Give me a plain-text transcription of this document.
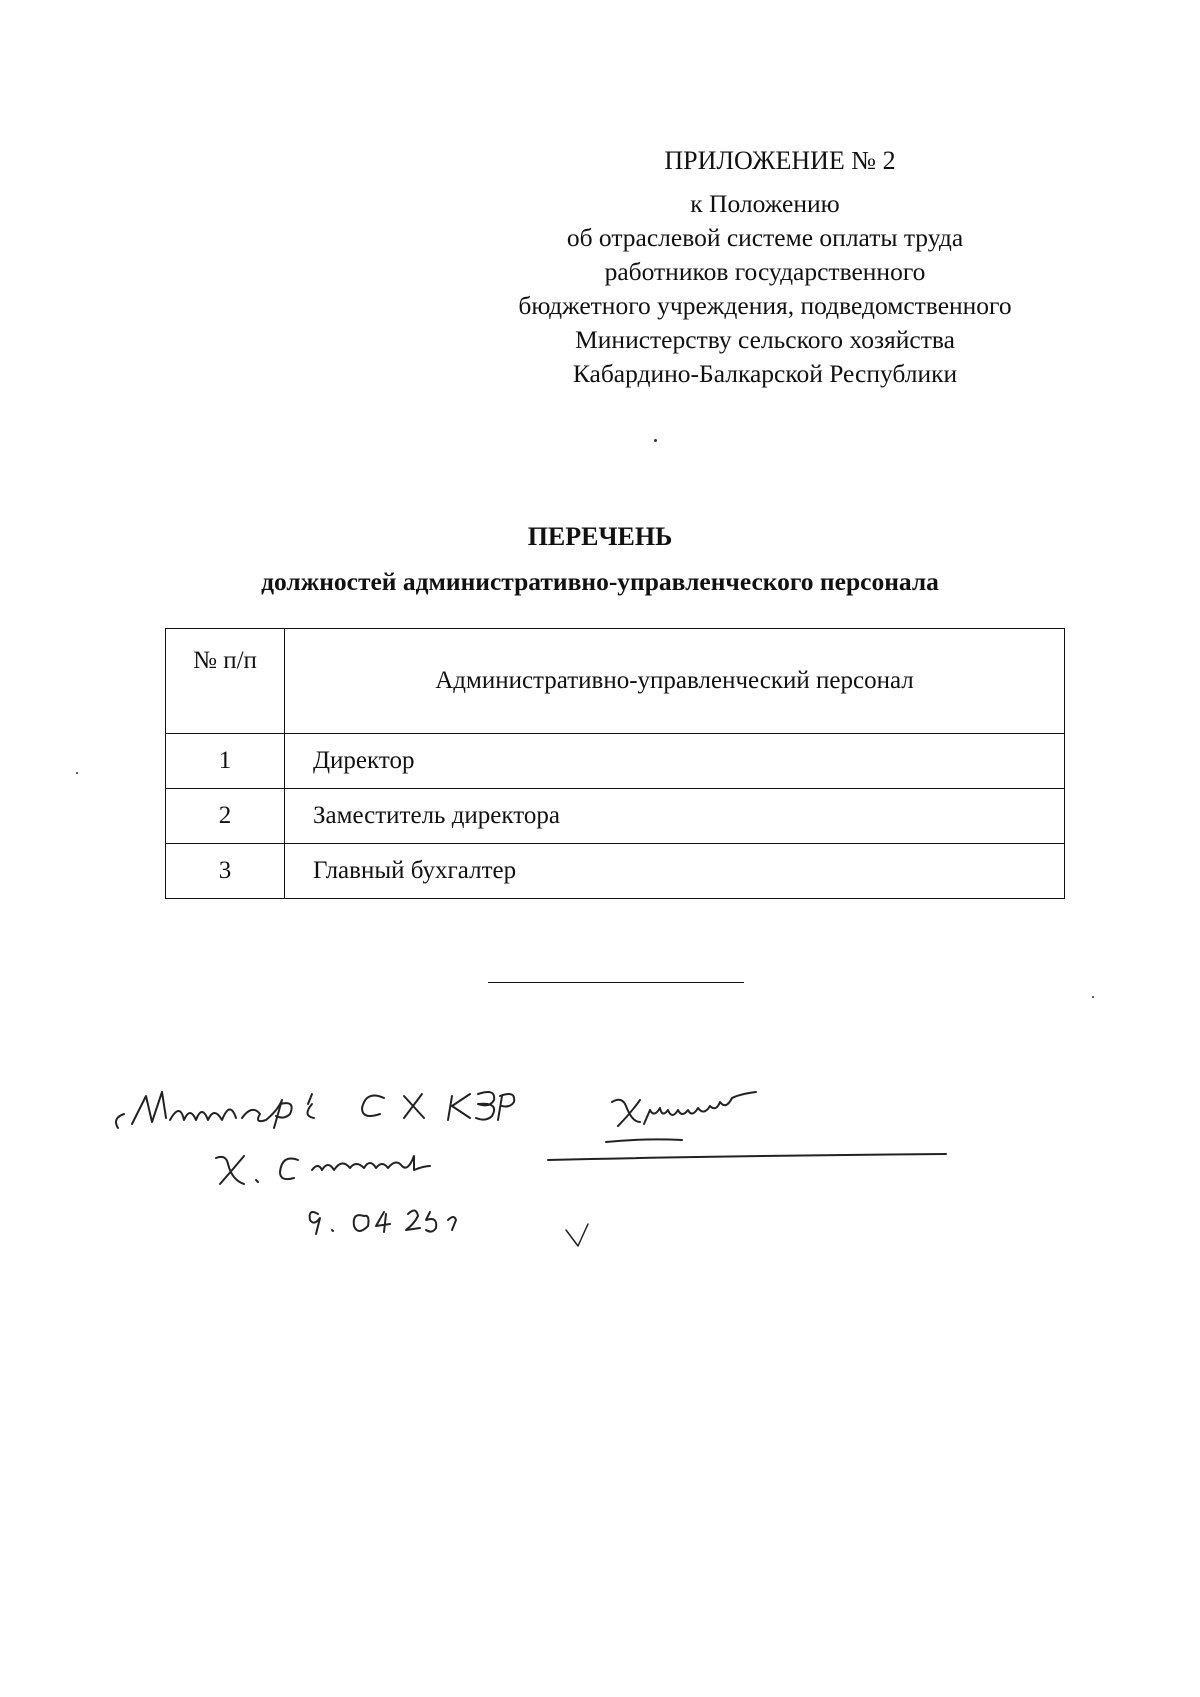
ПРИЛОЖЕНИЕ № 2
к Положению
об отраслевой системе оплаты труда
работников государственного
бюджетного учреждения, подведомственного
Министерству сельского хозяйства
Кабардино-Балкарской Республики
ПЕРЕЧЕНЬ
должностей административно-управленческого персонала
№ п/п	Административно-управленческий персонал
1	Директор
2	Заместитель директора
3	Главный бухгалтер
